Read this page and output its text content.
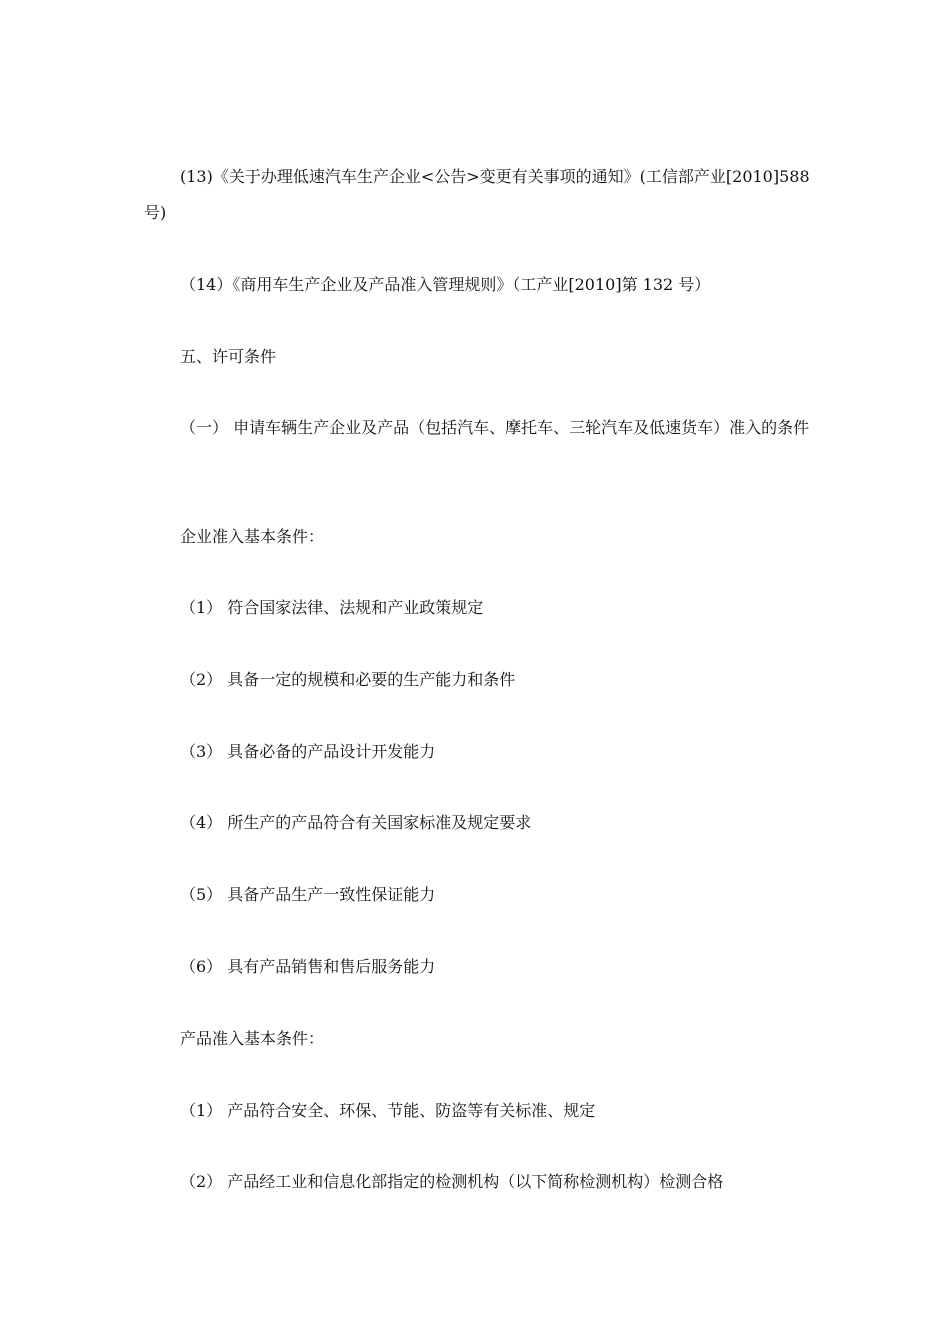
(13)《关于办理低速汽车生产企业<公告>变更有关事项的通知》(工信部产业[2010]588号)

（14）《商用车生产企业及产品准入管理规则》（工产业[2010]第 132 号）

五、许可条件

（一） 申请车辆生产企业及产品（包括汽车、摩托车、三轮汽车及低速货车）准入的条件

企业准入基本条件：

（1） 符合国家法律、法规和产业政策规定

（2） 具备一定的规模和必要的生产能力和条件

（3） 具备必备的产品设计开发能力

（4） 所生产的产品符合有关国家标准及规定要求

（5） 具备产品生产一致性保证能力

（6） 具有产品销售和售后服务能力

产品准入基本条件：

（1） 产品符合安全、环保、节能、防盗等有关标准、规定

（2） 产品经工业和信息化部指定的检测机构（以下简称检测机构）检测合格
